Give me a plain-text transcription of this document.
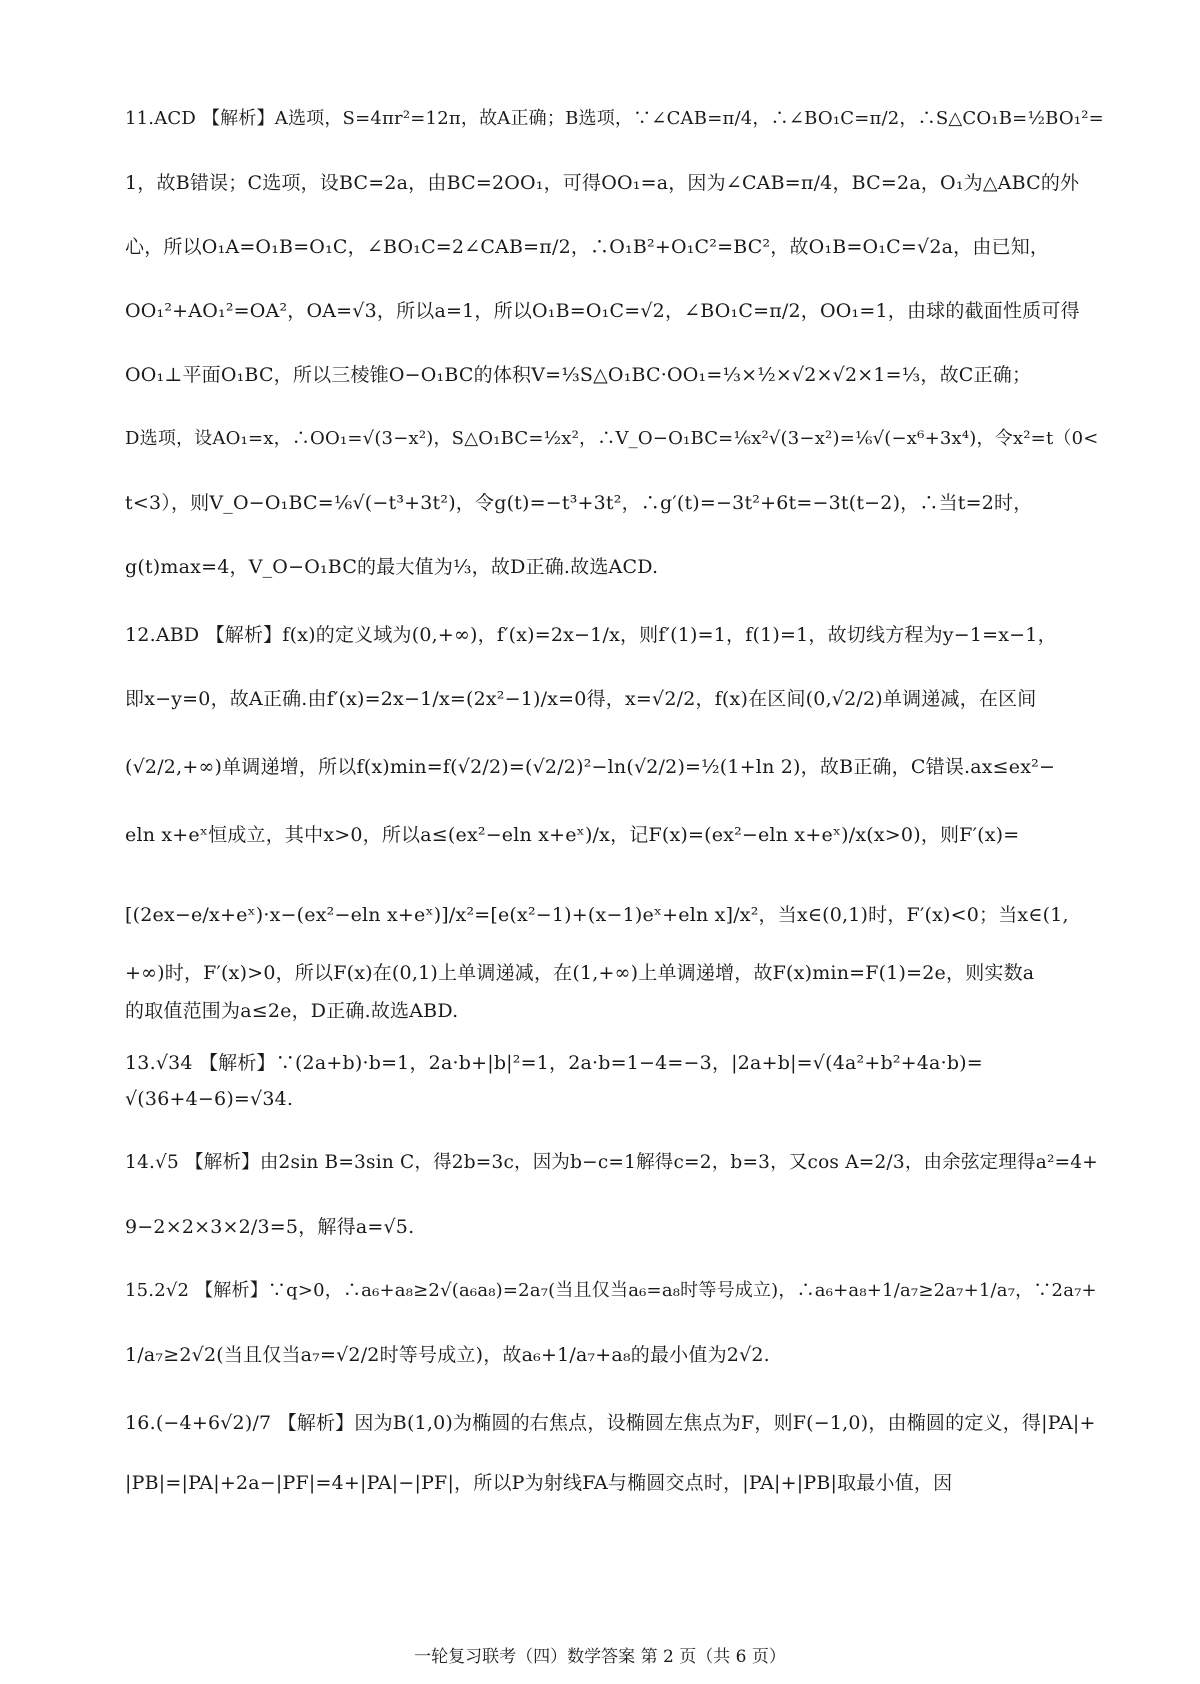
11.ACD 【解析】A选项，S=4πr²=12π，故A正确；B选项，∵∠CAB=π/4，∴∠BO₁C=π/2，∴S△CO₁B=½BO₁²=
1，故B错误；C选项，设BC=2a，由BC=2OO₁，可得OO₁=a，因为∠CAB=π/4，BC=2a，O₁为△ABC的外
心，所以O₁A=O₁B=O₁C，∠BO₁C=2∠CAB=π/2，∴O₁B²+O₁C²=BC²，故O₁B=O₁C=√2a，由已知，
OO₁²+AO₁²=OA²，OA=√3，所以a=1，所以O₁B=O₁C=√2，∠BO₁C=π/2，OO₁=1，由球的截面性质可得
OO₁⊥平面O₁BC，所以三棱锥O−O₁BC的体积V=⅓S△O₁BC·OO₁=⅓×½×√2×√2×1=⅓，故C正确；
D选项，设AO₁=x，∴OO₁=√(3−x²)，S△O₁BC=½x²，∴V_O−O₁BC=⅙x²√(3−x²)=⅙√(−x⁶+3x⁴)，令x²=t（0<
t<3），则V_O−O₁BC=⅙√(−t³+3t²)，令g(t)=−t³+3t²，∴g′(t)=−3t²+6t=−3t(t−2)，∴当t=2时，
g(t)max=4，V_O−O₁BC的最大值为⅓，故D正确.故选ACD.
12.ABD 【解析】f(x)的定义域为(0,+∞)，f′(x)=2x−1/x，则f′(1)=1，f(1)=1，故切线方程为y−1=x−1，
即x−y=0，故A正确.由f′(x)=2x−1/x=(2x²−1)/x=0得，x=√2/2，f(x)在区间(0,√2/2)单调递减，在区间
(√2/2,+∞)单调递增，所以f(x)min=f(√2/2)=(√2/2)²−ln(√2/2)=½(1+ln 2)，故B正确，C错误.ax≤ex²−
eln x+eˣ恒成立，其中x>0，所以a≤(ex²−eln x+eˣ)/x，记F(x)=(ex²−eln x+eˣ)/x(x>0)，则F′(x)=
[(2ex−e/x+eˣ)·x−(ex²−eln x+eˣ)]/x²=[e(x²−1)+(x−1)eˣ+eln x]/x²，当x∈(0,1)时，F′(x)<0；当x∈(1,
+∞)时，F′(x)>0，所以F(x)在(0,1)上单调递减，在(1,+∞)上单调递增，故F(x)min=F(1)=2e，则实数a
的取值范围为a≤2e，D正确.故选ABD.
13.√34 【解析】∵(2a+b)·b=1，2a·b+|b|²=1，2a·b=1−4=−3，|2a+b|=√(4a²+b²+4a·b)=
√(36+4−6)=√34.
14.√5 【解析】由2sin B=3sin C，得2b=3c，因为b−c=1解得c=2，b=3，又cos A=2/3，由余弦定理得a²=4+
9−2×2×3×2/3=5，解得a=√5.
15.2√2 【解析】∵q>0，∴a₆+a₈≥2√(a₆a₈)=2a₇(当且仅当a₆=a₈时等号成立)，∴a₆+a₈+1/a₇≥2a₇+1/a₇，∵2a₇+
1/a₇≥2√2(当且仅当a₇=√2/2时等号成立)，故a₆+1/a₇+a₈的最小值为2√2.
16.(−4+6√2)/7 【解析】因为B(1,0)为椭圆的右焦点，设椭圆左焦点为F，则F(−1,0)，由椭圆的定义，得|PA|+
|PB|=|PA|+2a−|PF|=4+|PA|−|PF|，所以P为射线FA与椭圆交点时，|PA|+|PB|取最小值，因
一轮复习联考（四）数学答案 第 2 页（共 6 页）
